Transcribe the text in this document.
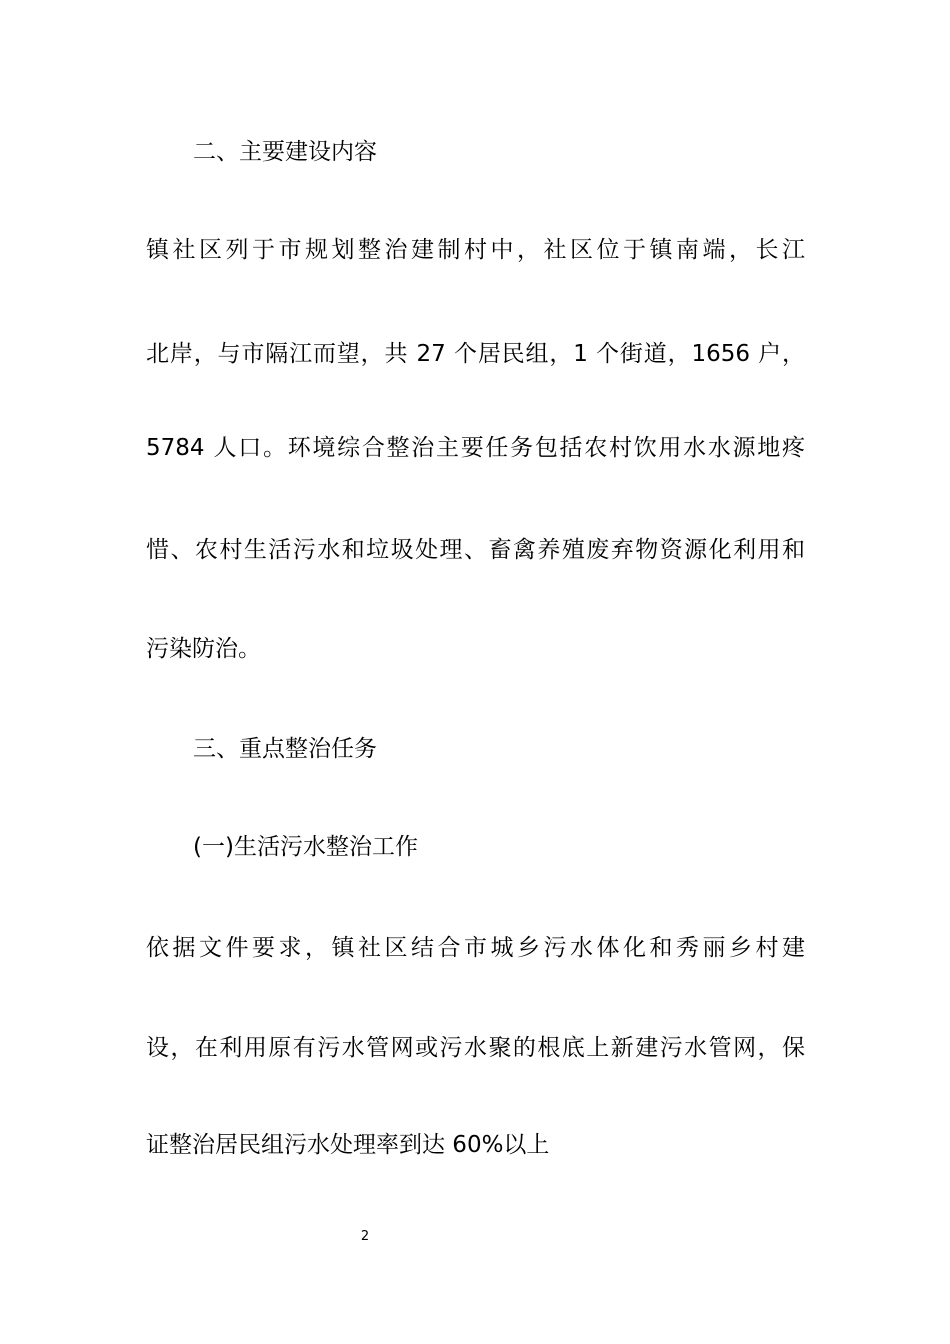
二、主要建设内容
镇社区列于市规划整治建制村中，社区位于镇南端，长江
北岸，与市隔江而望，共 27 个居民组，1 个街道，1656 户，
5784 人口。环境综合整治主要任务包括农村饮用水水源地疼
惜、农村生活污水和垃圾处理、畜禽养殖废弃物资源化利用和
污染防治。
三、重点整治任务
(一)生活污水整治工作
依据文件要求，镇社区结合市城乡污水体化和秀丽乡村建
设，在利用原有污水管网或污水聚的根底上新建污水管网，保
证整治居民组污水处理率到达 60%以上
2
